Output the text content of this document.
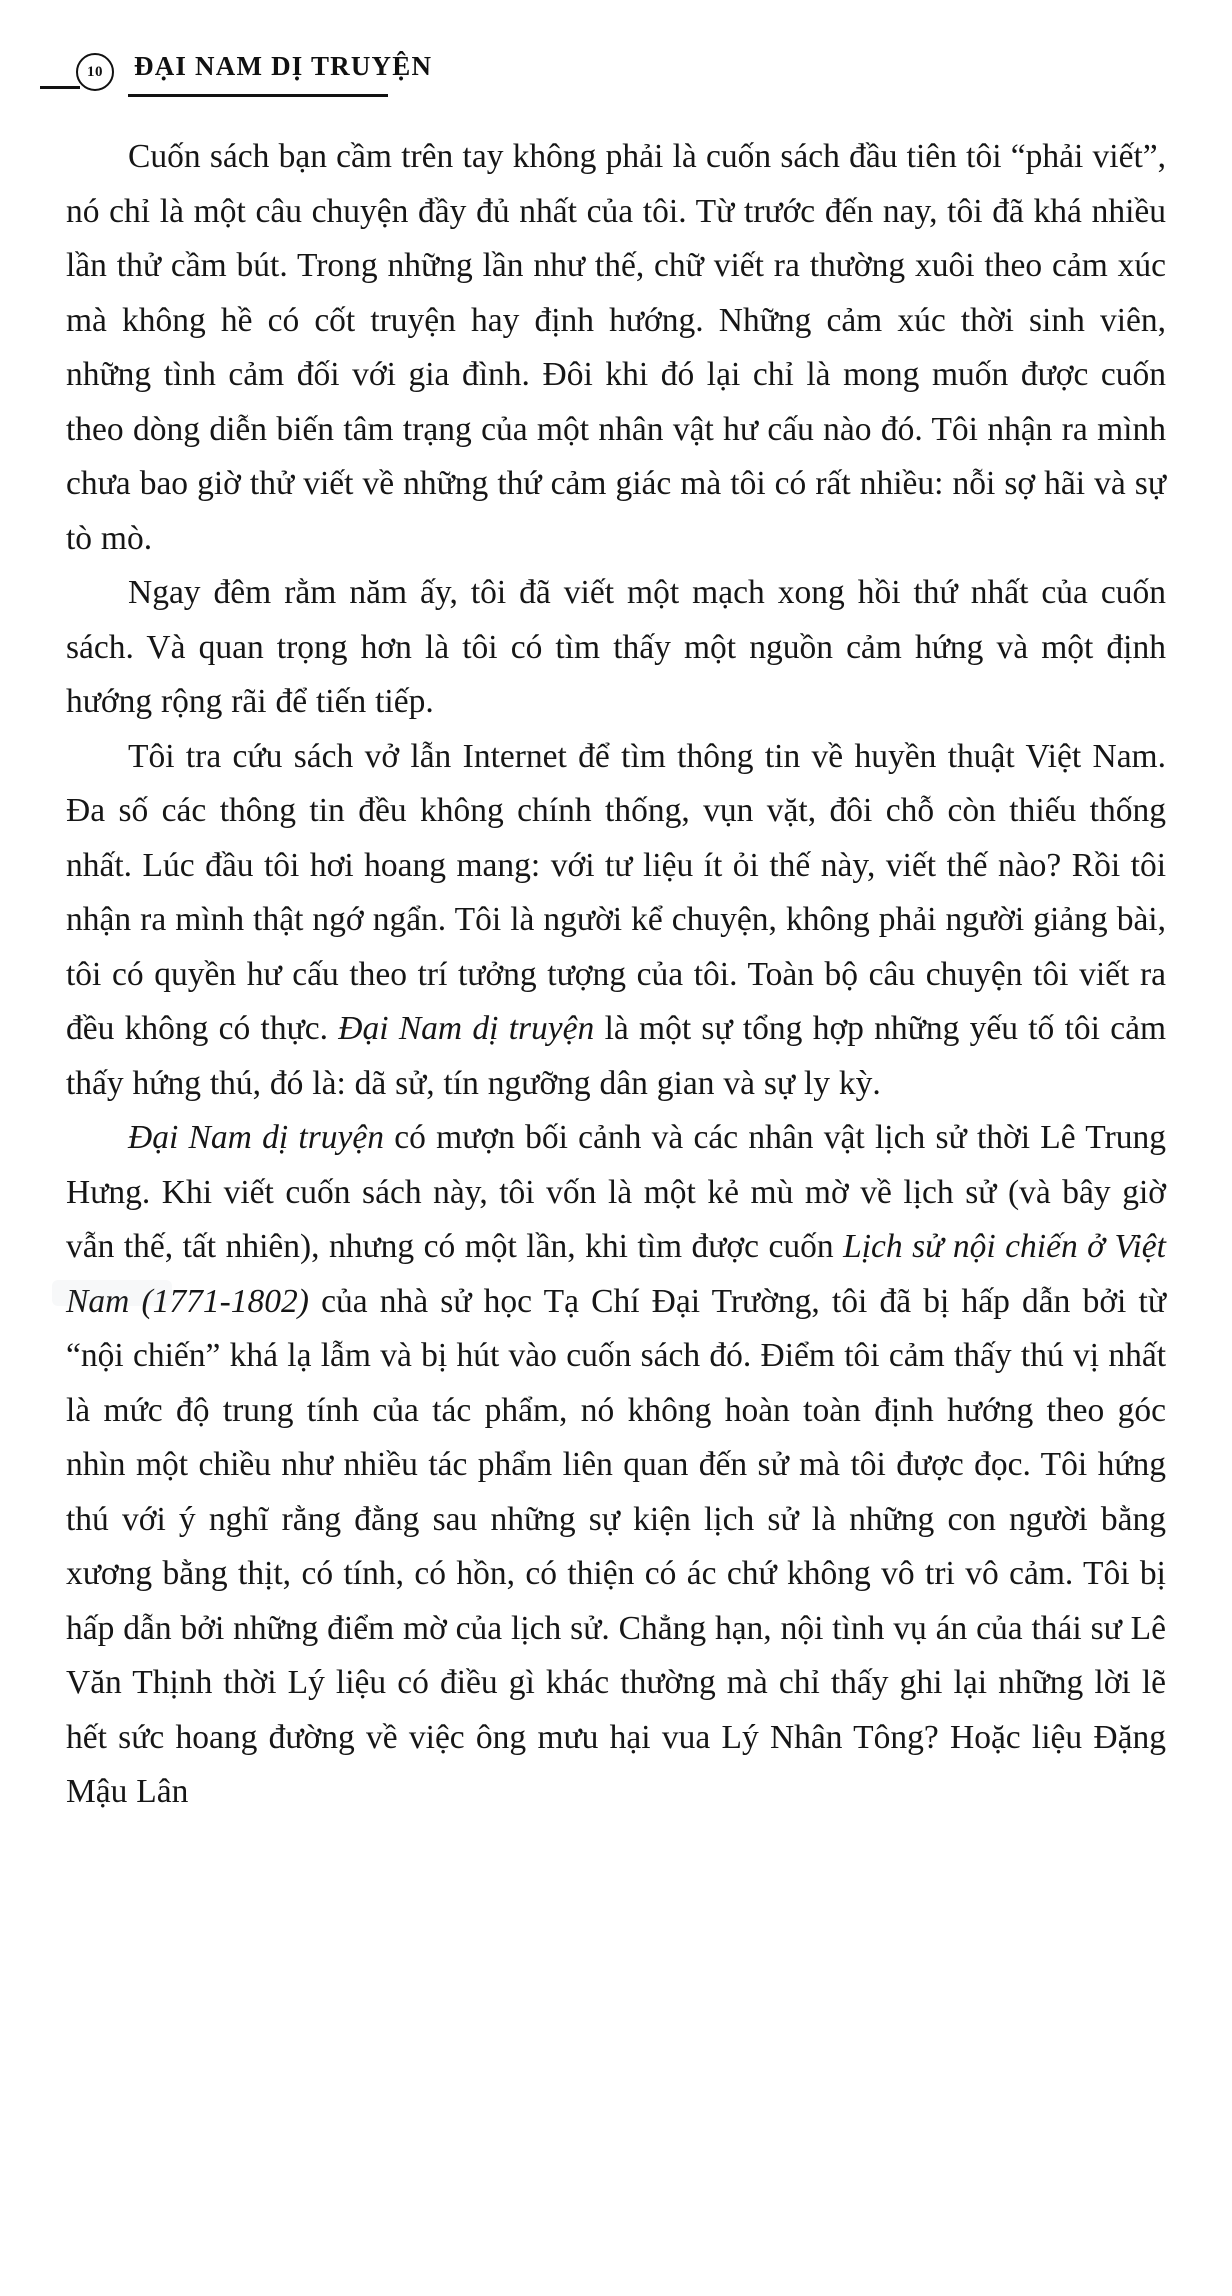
10	ĐẠI NAM DỊ TRUYỆN

Cuốn sách bạn cầm trên tay không phải là cuốn sách đầu tiên tôi “phải viết”, nó chỉ là một câu chuyện đầy đủ nhất của tôi. Từ trước đến nay, tôi đã khá nhiều lần thử cầm bút. Trong những lần như thế, chữ viết ra thường xuôi theo cảm xúc mà không hề có cốt truyện hay định hướng. Những cảm xúc thời sinh viên, những tình cảm đối với gia đình. Đôi khi đó lại chỉ là mong muốn được cuốn theo dòng diễn biến tâm trạng của một nhân vật hư cấu nào đó. Tôi nhận ra mình chưa bao giờ thử viết về những thứ cảm giác mà tôi có rất nhiều: nỗi sợ hãi và sự tò mò.

Ngay đêm rằm năm ấy, tôi đã viết một mạch xong hồi thứ nhất của cuốn sách. Và quan trọng hơn là tôi có tìm thấy một nguồn cảm hứng và một định hướng rộng rãi để tiến tiếp.

Tôi tra cứu sách vở lẫn Internet để tìm thông tin về huyền thuật Việt Nam. Đa số các thông tin đều không chính thống, vụn vặt, đôi chỗ còn thiếu thống nhất. Lúc đầu tôi hơi hoang mang: với tư liệu ít ỏi thế này, viết thế nào? Rồi tôi nhận ra mình thật ngớ ngẩn. Tôi là người kể chuyện, không phải người giảng bài, tôi có quyền hư cấu theo trí tưởng tượng của tôi. Toàn bộ câu chuyện tôi viết ra đều không có thực. Đại Nam dị truyện là một sự tổng hợp những yếu tố tôi cảm thấy hứng thú, đó là: dã sử, tín ngưỡng dân gian và sự ly kỳ.

Đại Nam dị truyện có mượn bối cảnh và các nhân vật lịch sử thời Lê Trung Hưng. Khi viết cuốn sách này, tôi vốn là một kẻ mù mờ về lịch sử (và bây giờ vẫn thế, tất nhiên), nhưng có một lần, khi tìm được cuốn Lịch sử nội chiến ở Việt Nam (1771-1802) của nhà sử học Tạ Chí Đại Trường, tôi đã bị hấp dẫn bởi từ “nội chiến” khá lạ lẫm và bị hút vào cuốn sách đó. Điểm tôi cảm thấy thú vị nhất là mức độ trung tính của tác phẩm, nó không hoàn toàn định hướng theo góc nhìn một chiều như nhiều tác phẩm liên quan đến sử mà tôi được đọc. Tôi hứng thú với ý nghĩ rằng đằng sau những sự kiện lịch sử là những con người bằng xương bằng thịt, có tính, có hồn, có thiện có ác chứ không vô tri vô cảm. Tôi bị hấp dẫn bởi những điểm mờ của lịch sử. Chẳng hạn, nội tình vụ án của thái sư Lê Văn Thịnh thời Lý liệu có điều gì khác thường mà chỉ thấy ghi lại những lời lẽ hết sức hoang đường về việc ông mưu hại vua Lý Nhân Tông? Hoặc liệu Đặng Mậu Lân
